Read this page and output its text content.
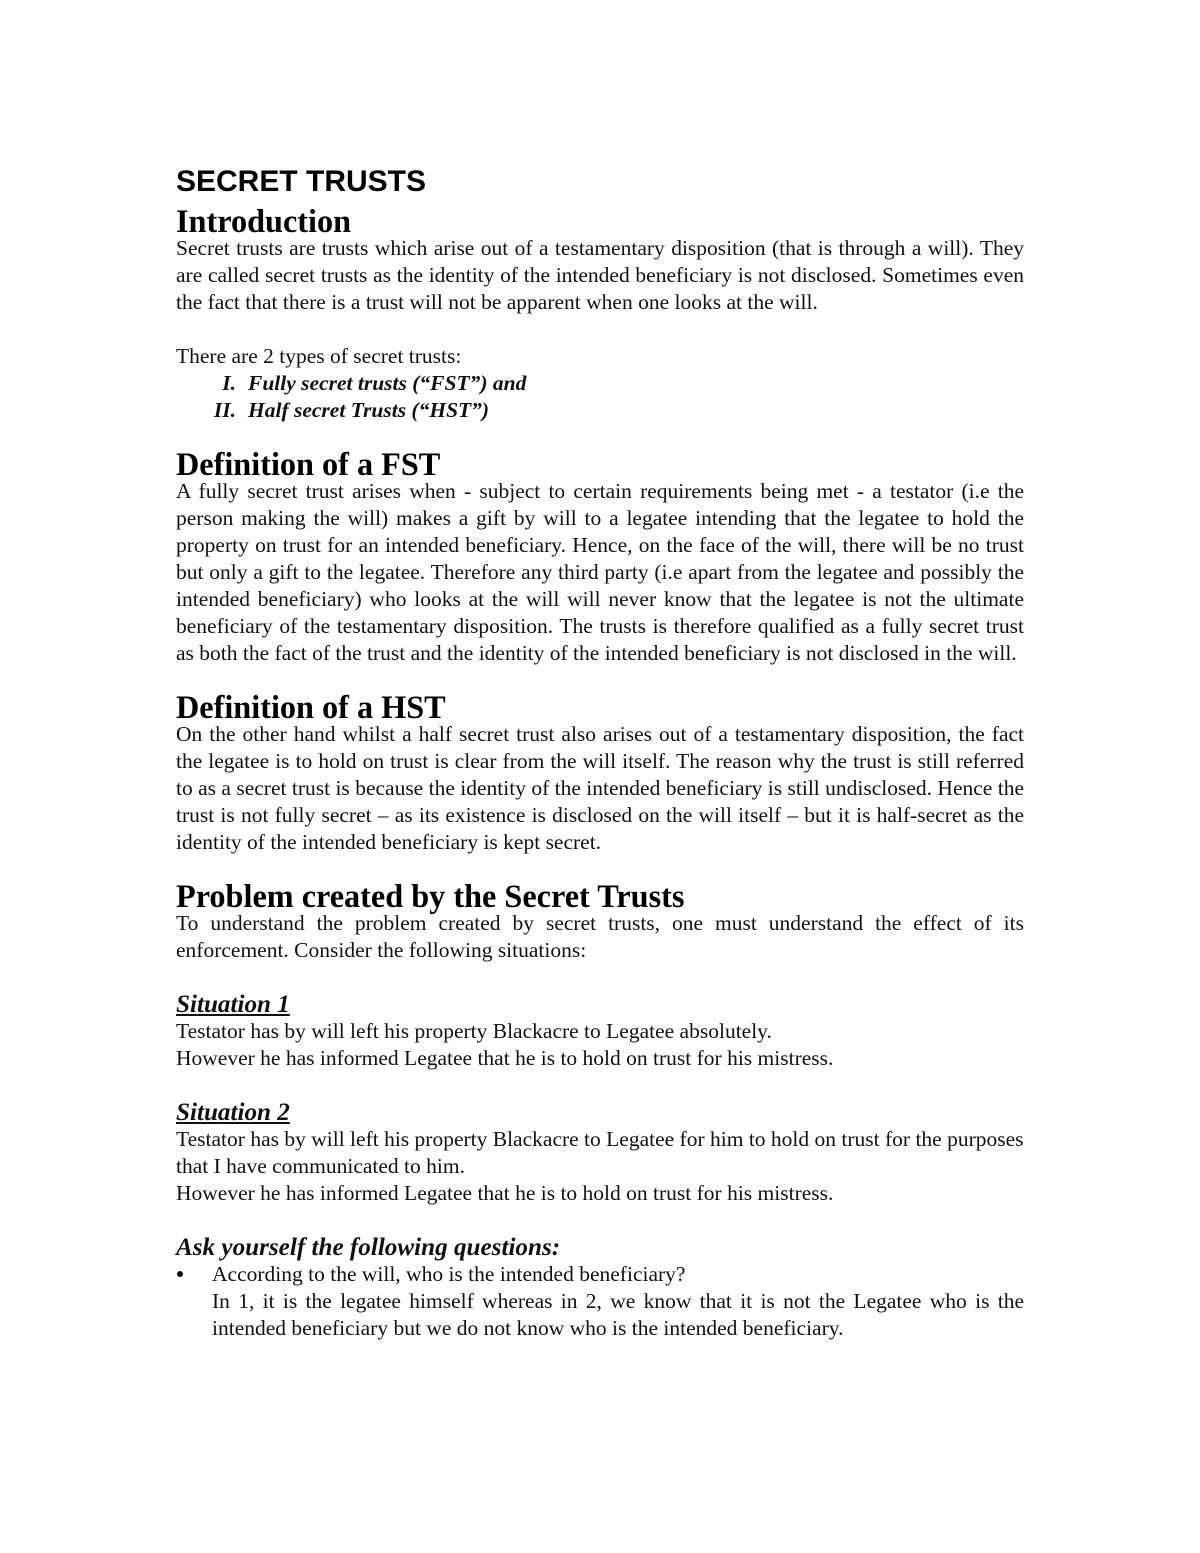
SECRET TRUSTS
Introduction

Secret trusts are trusts which arise out of a testamentary disposition (that is through a will). They are called secret trusts as the identity of the intended beneficiary is not disclosed. Sometimes even the fact that there is a trust will not be apparent when one looks at the will.

There are 2 types of secret trusts:

I. Fully secret trusts (“FST”) and
II. Half secret Trusts (“HST”)
Definition of a FST

A fully secret trust arises when - subject to certain requirements being met - a testator (i.e the person making the will) makes a gift by will to a legatee intending that the legatee to hold the property on trust for an intended beneficiary. Hence, on the face of the will, there will be no trust but only a gift to the legatee. Therefore any third party (i.e apart from the legatee and possibly the intended beneficiary) who looks at the will will never know that the legatee is not the ultimate beneficiary of the testamentary disposition. The trusts is therefore qualified as a fully secret trust as both the fact of the trust and the identity of the intended beneficiary is not disclosed in the will.

Definition of a HST

On the other hand whilst a half secret trust also arises out of a testamentary disposition, the fact the legatee is to hold on trust is clear from the will itself. The reason why the trust is still referred to as a secret trust is because the identity of the intended beneficiary is still undisclosed. Hence the trust is not fully secret – as its existence is disclosed on the will itself – but it is half-secret as the identity of the intended beneficiary is kept secret.

Problem created by the Secret Trusts

To understand the problem created by secret trusts, one must understand the effect of its enforcement. Consider the following situations:

Situation 1

Testator has by will left his property Blackacre to Legatee absolutely.

However he has informed Legatee that he is to hold on trust for his mistress.

Situation 2

Testator has by will left his property Blackacre to Legatee for him to hold on trust for the purposes that I have communicated to him.

However he has informed Legatee that he is to hold on trust for his mistress.

Ask yourself the following questions:

According to the will, who is the intended beneficiary?

In 1, it is the legatee himself whereas in 2, we know that it is not the Legatee who is the intended beneficiary but we do not know who is the intended beneficiary.
